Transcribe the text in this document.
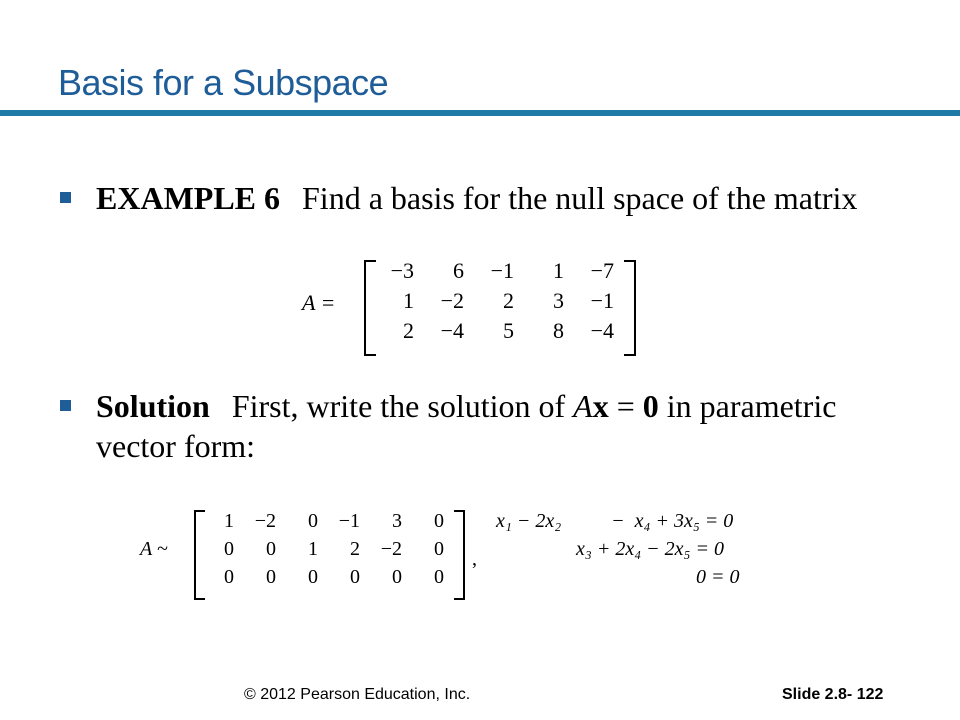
Basis for a Subspace
EXAMPLE 6 Find a basis for the null space of the matrix
A =
−3	6	−1	1	−7
1	−2	2	3	−1
2	−4	5	8	−4
Solution First, write the solution of Ax = 0 in parametric vector form:
A ~
1	−2	0	−1	3	0
0	0	1	2	−2	0
0	0	0	0	0	0
,
x₁ − 2x₂          −  x₄ + 3x₅ = 0
x₃ + 2x₄ − 2x₅ = 0
0 = 0
© 2012 Pearson Education, Inc.	Slide 2.8- 122
